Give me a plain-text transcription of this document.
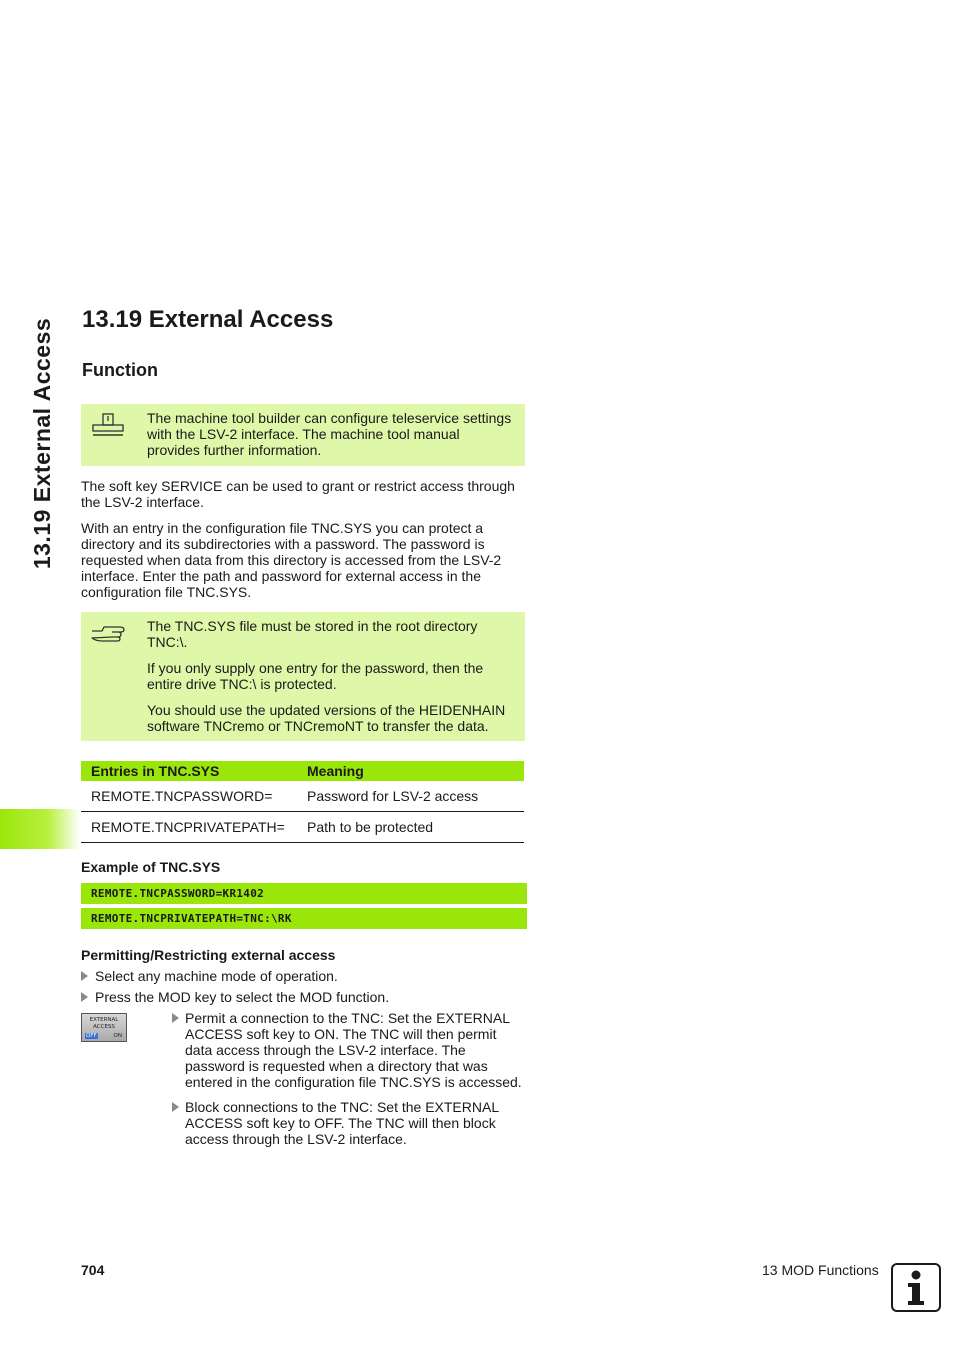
13.19 External Access 13.19 External Access
Function
The machine tool builder can configure teleservice settings with the LSV-2 interface. The machine tool manual provides further information.

The soft key SERVICE can be used to grant or restrict access through the LSV-2 interface.

With an entry in the configuration file TNC.SYS you can protect a directory and its subdirectories with a password. The password is requested when data from this directory is accessed from the LSV-2 interface. Enter the path and password for external access in the configuration file TNC.SYS.

The TNC.SYS file must be stored in the root directory TNC:\.

If you only supply one entry for the password, then the entire drive TNC:\ is protected.

You should use the updated versions of the HEIDENHAIN software TNCremo or TNCremoNT to transfer the data.

Entries in TNC.SYS	Meaning
REMOTE.TNCPASSWORD=	Password for LSV-2 access
REMOTE.TNCPRIVATEPATH=	Path to be protected
Example of TNC.SYS
REMOTE.TNCPASSWORD=KR1402
REMOTE.TNCPRIVATEPATH=TNC:\RK
Permitting/Restricting external access
Select any machine mode of operation.
Press the MOD key to select the MOD function.
EXTERNAL
ACCESS
OFF	ON
Permit a connection to the TNC: Set the EXTERNAL ACCESS soft key to ON. The TNC will then permit data access through the LSV-2 interface. The password is requested when a directory that was entered in the configuration file TNC.SYS is accessed.
Block connections to the TNC: Set the EXTERNAL ACCESS soft key to OFF. The TNC will then block access through the LSV-2 interface.
704	13 MOD Functions
